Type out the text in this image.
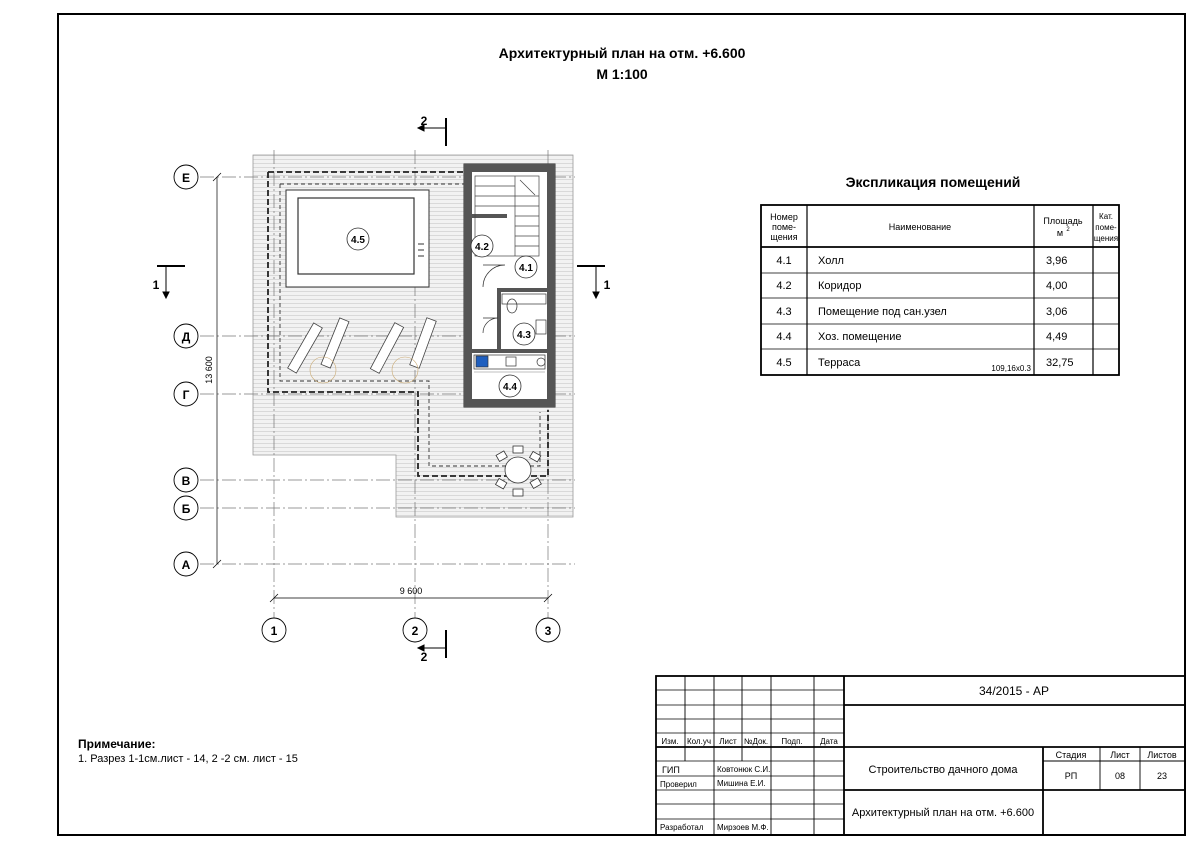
Архитектурный план на отм. +6.600
М 1:100
4.5
4.2
4.1
4.3
4.4
Е
Д
Г
В
Б
А
1	2	3
9 600
13 600
2
2
1	1
Экспликация помещений
Номер
поме-
щения
Наименование
Площадь
м 2
Кат.
поме-
щения
4.1 Холл	3,96
4.2 Коридор	4,00
4.3 Помещение под сан.узел	3,06
4.4 Хоз. помещение	4,49
4.5 Терраса	32,75
109,16x0.3
34/2015 - АР
Изм. Кол.уч Лист №Док. Подп. Дата
ГИП	Ковтонюк С.И.
Проверил	Мишина Е.И.
Разработал Мирзоев М.Ф.
Строительство дачного дома
Архитектурный план на отм. +6.600
Стадия	Лист Листов
РП	08	23
Примечание:
1. Разрез 1-1см.лист - 14, 2 -2 см. лист - 15
